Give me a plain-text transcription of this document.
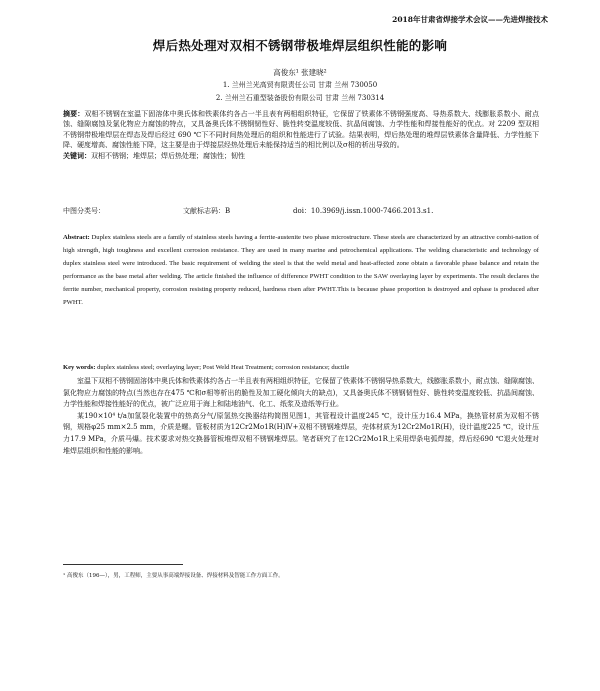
2018年甘肃省焊接学术会议——先进焊接技术
焊后热处理对双相不锈钢带极堆焊层组织性能的影响
高俊东¹ 张建晓²
1. 兰州兰光高贸有限责任公司 甘肃 兰州 730050
2. 兰州兰石重型装备股份有限公司 甘肃 兰州 730314
摘要：双相不锈钢在室温下固溶体中奥氏体和铁素体约各占一半且表有两相组织特征，它保留了铁素体不锈钢强度高、导热系数大、线膨胀系数小、耐点蚀、缝隙腐蚀及氯化物应力腐蚀的特点，又具备奥氏体不锈钢韧性好、脆性转变温度较低、抗晶间腐蚀、力学性能和焊接性能好的优点。对 2209 型双相不锈钢带极堆焊层在焊态及焊后经过 690 ℃下不同时间热处理后的组织和性能进行了试验。结果表明，焊后热处理的堆焊层铁素体含量降低、力学性能下降、硬度增高、腐蚀性能下降，这主要是由于焊接层经热处理后未能保持适当的相比例以及σ相的析出导致的。
关键词：双相不锈钢；堆焊层；焊后热处理；腐蚀性；韧性
中图分类号：	文献标志码：B	doi：10.3969/j.issn.1000-7466.2013.s1.
Abstract: Duplex stainless steels are a family of stainless steels having a ferrite-austenite two phase microstructure. These steels are characterized by an attractive combi-nation of high strength, high toughness and excellent corrosion resistance. They are used in many marine and petrochemical applications. The welding characteristic and technology of duplex stainless steel were introduced. The basic requirement of welding the steel is that the weld metal and heat-affected zone obtain a favorable phase balance and retain the performance as the base metal after welding. The article finished the influence of difference PWHT condition to the SAW overlaying layer by experiments. The result declares the ferrite number, mechanical property, corrosion resisting property reduced, hardness risen after PWHT.This is because phase proportion is destroyed and σphase is produced after PWHT.
Key words: duplex stainless steel; overlaying layer; Post Weld Heat Treatment; corrosion resistance; ductile

室温下双相不锈钢固溶体中奥氏体和铁素体约各占一半且表有两相组织特征，它保留了铁素体不锈钢导热系数大，线膨胀系数小，耐点蚀、缝隙腐蚀、氯化物应力腐蚀的特点(当然也存在475 ℃和σ相等析出的脆性及加工硬化倾向大的缺点)，又具备奥氏体不锈钢韧性好、脆性转变温度较低、抗晶间腐蚀、力学性能和焊接性能好的优点，被广泛应用于海上和陆地油气、化工、纸浆及造纸等行业。

某190×10⁴ t/a加氢裂化装置中的热高分气/原氢热交换器结构简图见图1，其管程设计温度245 ℃，设计压力16.4 MPa，换热管材质为双相不锈钢，规格φ25 mm×2.5 mm，介质是螺。管板材质为12Cr2Mo1R(H)Ⅳ+双相不锈钢堆焊层，壳体材质为12Cr2Mo1R(H)，设计温度225 ℃，设计压力17.9 MPa，介质马爆。技术要求对热交换器管板堆焊双相不锈钢堆焊层。笔者研究了在12Cr2Mo1R上采用焊条电弧焊接，焊后经690 ℃退火处理对堆焊层组织和性能的影响。

¹ 高俊东（196—），男，工程师，主要从事高端焊接设备、焊接材料及智能工作方面工作。
